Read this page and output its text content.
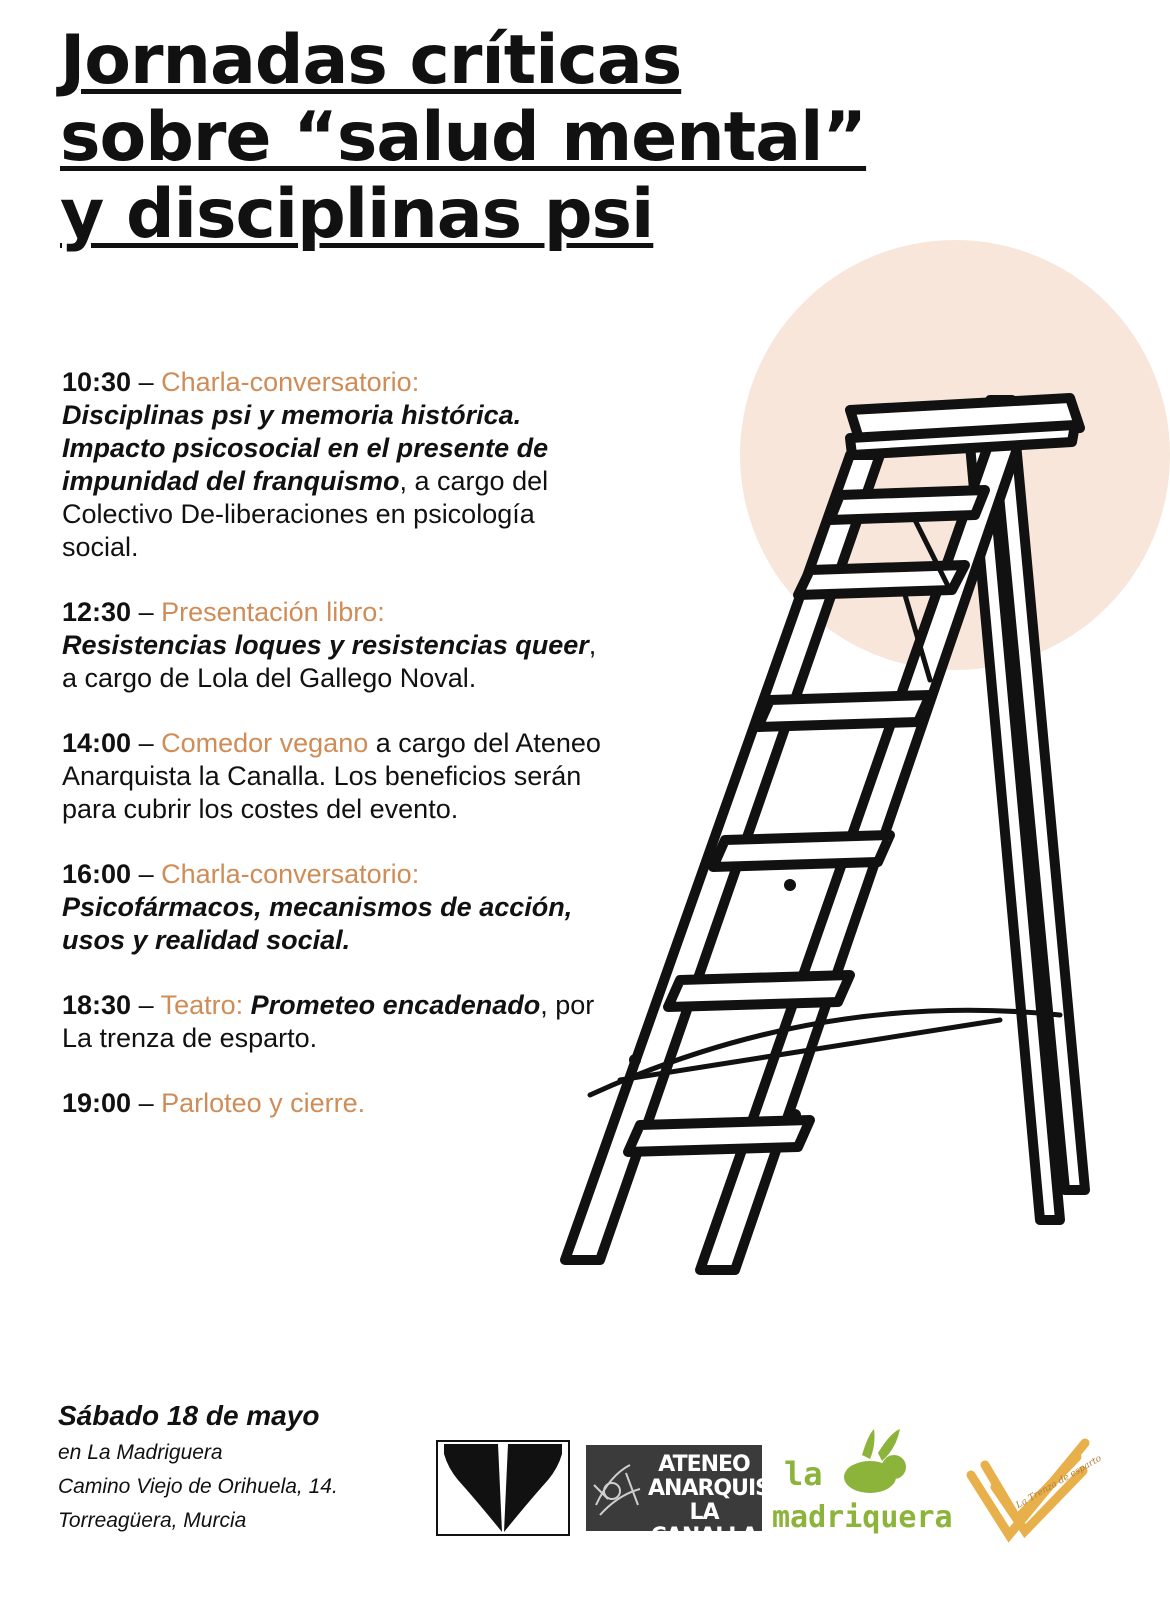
Jornadas críticas
sobre “salud mental”
y disciplinas psi
10:30 – Charla-conversatorio:
Disciplinas psi y memoria histórica. Impacto psicosocial en el presente de impunidad del franquismo, a cargo del Colectivo De-liberaciones en psicología social.
12:30 – Presentación libro:
Resistencias loques y resistencias queer, a cargo de Lola del Gallego Noval.
14:00 – Comedor vegano a cargo del Ateneo Anarquista la Canalla. Los beneficios serán para cubrir los costes del evento.
16:00 – Charla-conversatorio:
Psicofármacos, mecanismos de acción, usos y realidad social.
18:30 – Teatro: Prometeo encadenado, por La trenza de esparto.
19:00 – Parloteo y cierre.
Sábado 18 de mayo
en La Madriguera
Camino Viejo de Orihuela, 14.
Torreagüera, Murcia
ATENEO
ANARQUISTA
LA CANALLA
la
madriquera
La Trenza de esparto
